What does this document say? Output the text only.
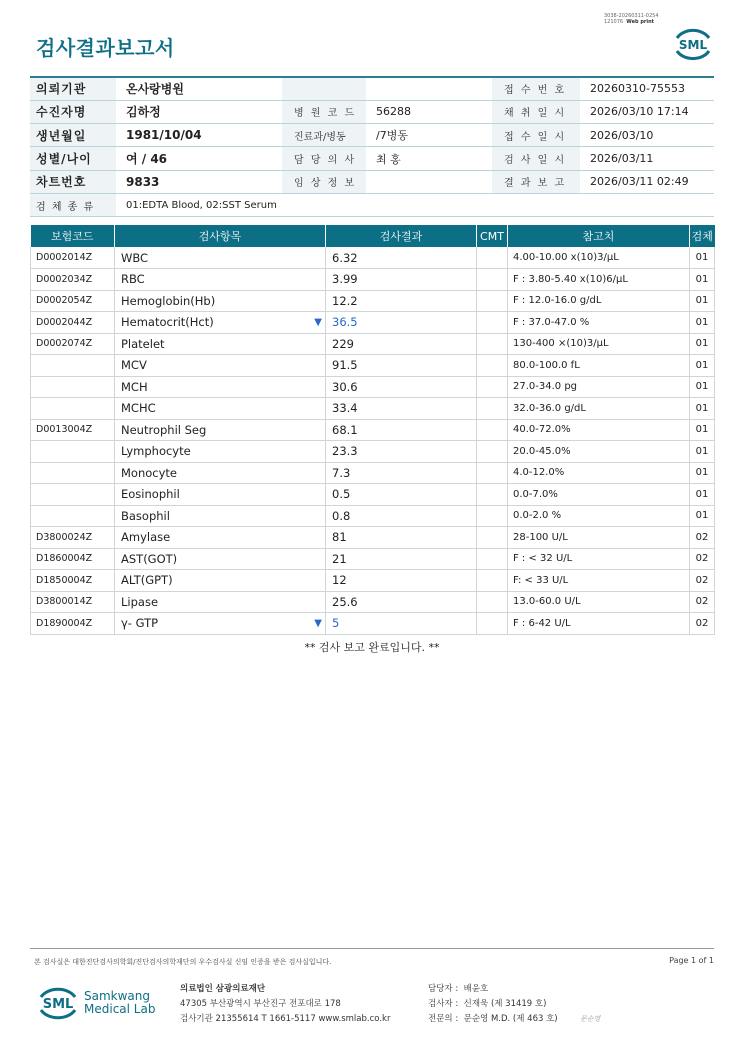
3038-20260311-0254
121076 Web print
검사결과보고서	SML
의뢰기관	온사랑병원			접 수 번 호	20260310-75553
수진자명	김하정	병 원 코 드	56288	채 취 일 시	2026/03/10 17:14
생년월일	1981/10/04	진료과/병동	/7병동	접 수 일 시	2026/03/10
성별/나이	여 / 46	담 당 의 사	최 홍	검 사 일 시	2026/03/11
차트번호	9833	임 상 정 보		결 과 보 고	2026/03/11 02:49
검 체 종 류	01:EDTA Blood, 02:SST Serum				
보험코드	검사항목	검사결과	CMT	참고치	검체
D0002014Z	WBC	6.32		4.00-10.00 x(10)3/μL	01
D0002034Z	RBC	3.99		F : 3.80-5.40 x(10)6/μL	01
D0002054Z	Hemoglobin(Hb)	12.2		F : 12.0-16.0 g/dL	01
D0002044Z	Hematocrit(Hct) ▼	36.5		F : 37.0-47.0 %	01
D0002074Z	Platelet	229		130-400 ×(10)3/μL	01
	MCV	91.5		80.0-100.0 fL	01
	MCH	30.6		27.0-34.0 pg	01
	MCHC	33.4		32.0-36.0 g/dL	01
D0013004Z	Neutrophil Seg	68.1		40.0-72.0%	01
	Lymphocyte	23.3		20.0-45.0%	01
	Monocyte	7.3		4.0-12.0%	01
	Eosinophil	0.5		0.0-7.0%	01
	Basophil	0.8		0.0-2.0 %	01
D3800024Z	Amylase	81		28-100 U/L	02
D1860004Z	AST(GOT)	21		F : < 32 U/L	02
D1850004Z	ALT(GPT)	12		F: < 33 U/L	02
D3800014Z	Lipase	25.6		13.0-60.0 U/L	02
D1890004Z	γ- GTP ▼	5		F : 6-42 U/L	02
** 검사 보고 완료입니다. **
본 검사실은 대한진단검사의학회/진단검사의학재단의 우수검사실 신임 인증을 받은 검사실입니다.	Page 1 of 1
SML
Samkwang
Medical Lab
의료법인 삼광의료재단
47305 부산광역시 부산진구 전포대로 178
검사기관 21355614 T 1661-5117 www.smlab.co.kr
담당자 : 배윤호
검사자 : 신재욱 (제 31419 호)
전문의 : 문순영 M.D. (제 463 호)	문순영
